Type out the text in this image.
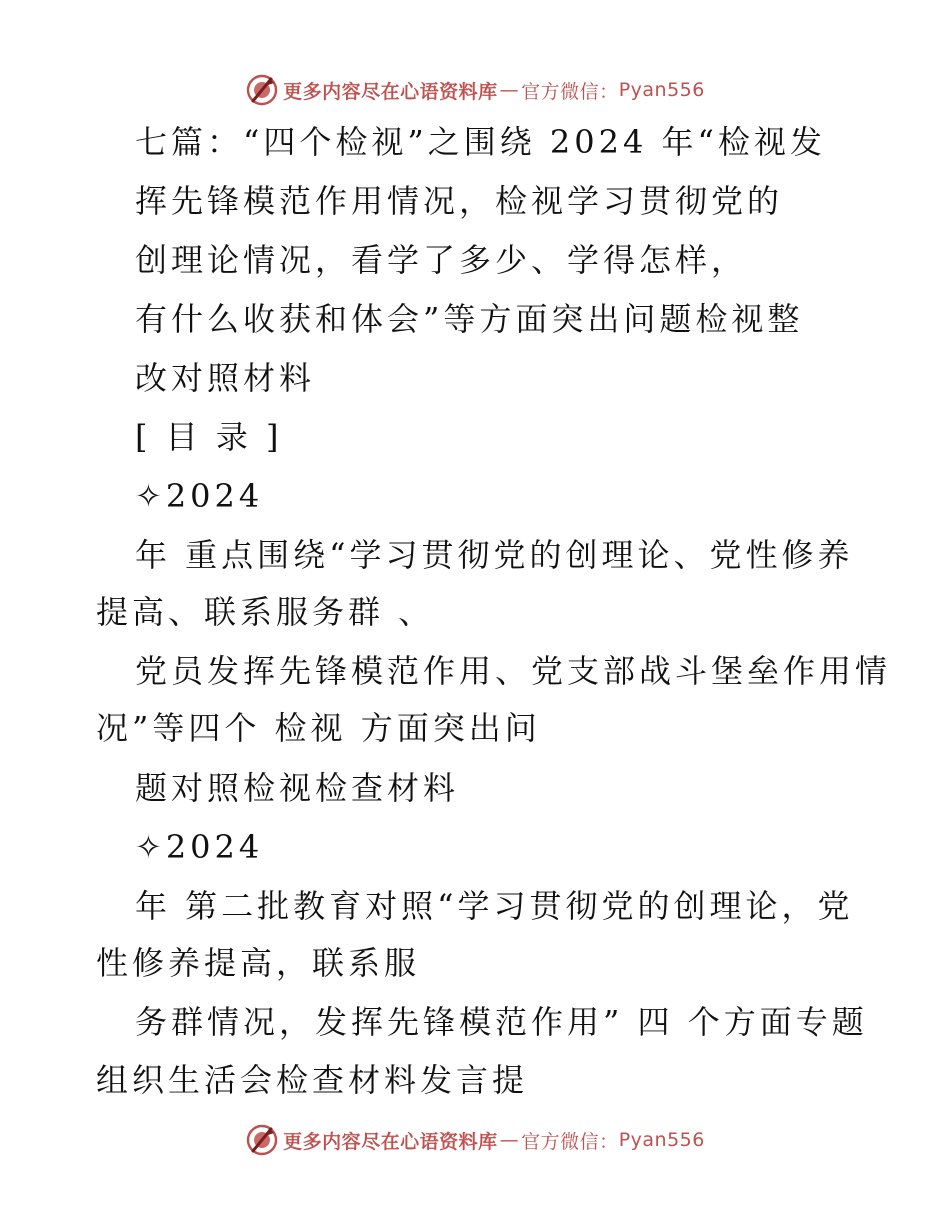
更多内容尽在心语资料库 — 官方微信： Pyan556
七篇：“四个检视”之围绕 2024 年“检视发
挥先锋模范作用情况，检视学习贯彻党的
创理论情况，看学了多少、学得怎样，
有什么收获和体会”等方面突出问题检视整
改对照材料
[ 目 录 ]
✧2024
年 重点围绕“学习贯彻党的创理论、党性修养
提高、联系服务群 、
党员发挥先锋模范作用、党支部战斗堡垒作用情
况”等四个 检视 方面突出问
题对照检视检查材料
✧2024
年 第二批教育对照“学习贯彻党的创理论，党
性修养提高，联系服
务群情况，发挥先锋模范作用” 四 个方面专题
组织生活会检查材料发言提
更多内容尽在心语资料库 — 官方微信： Pyan556
